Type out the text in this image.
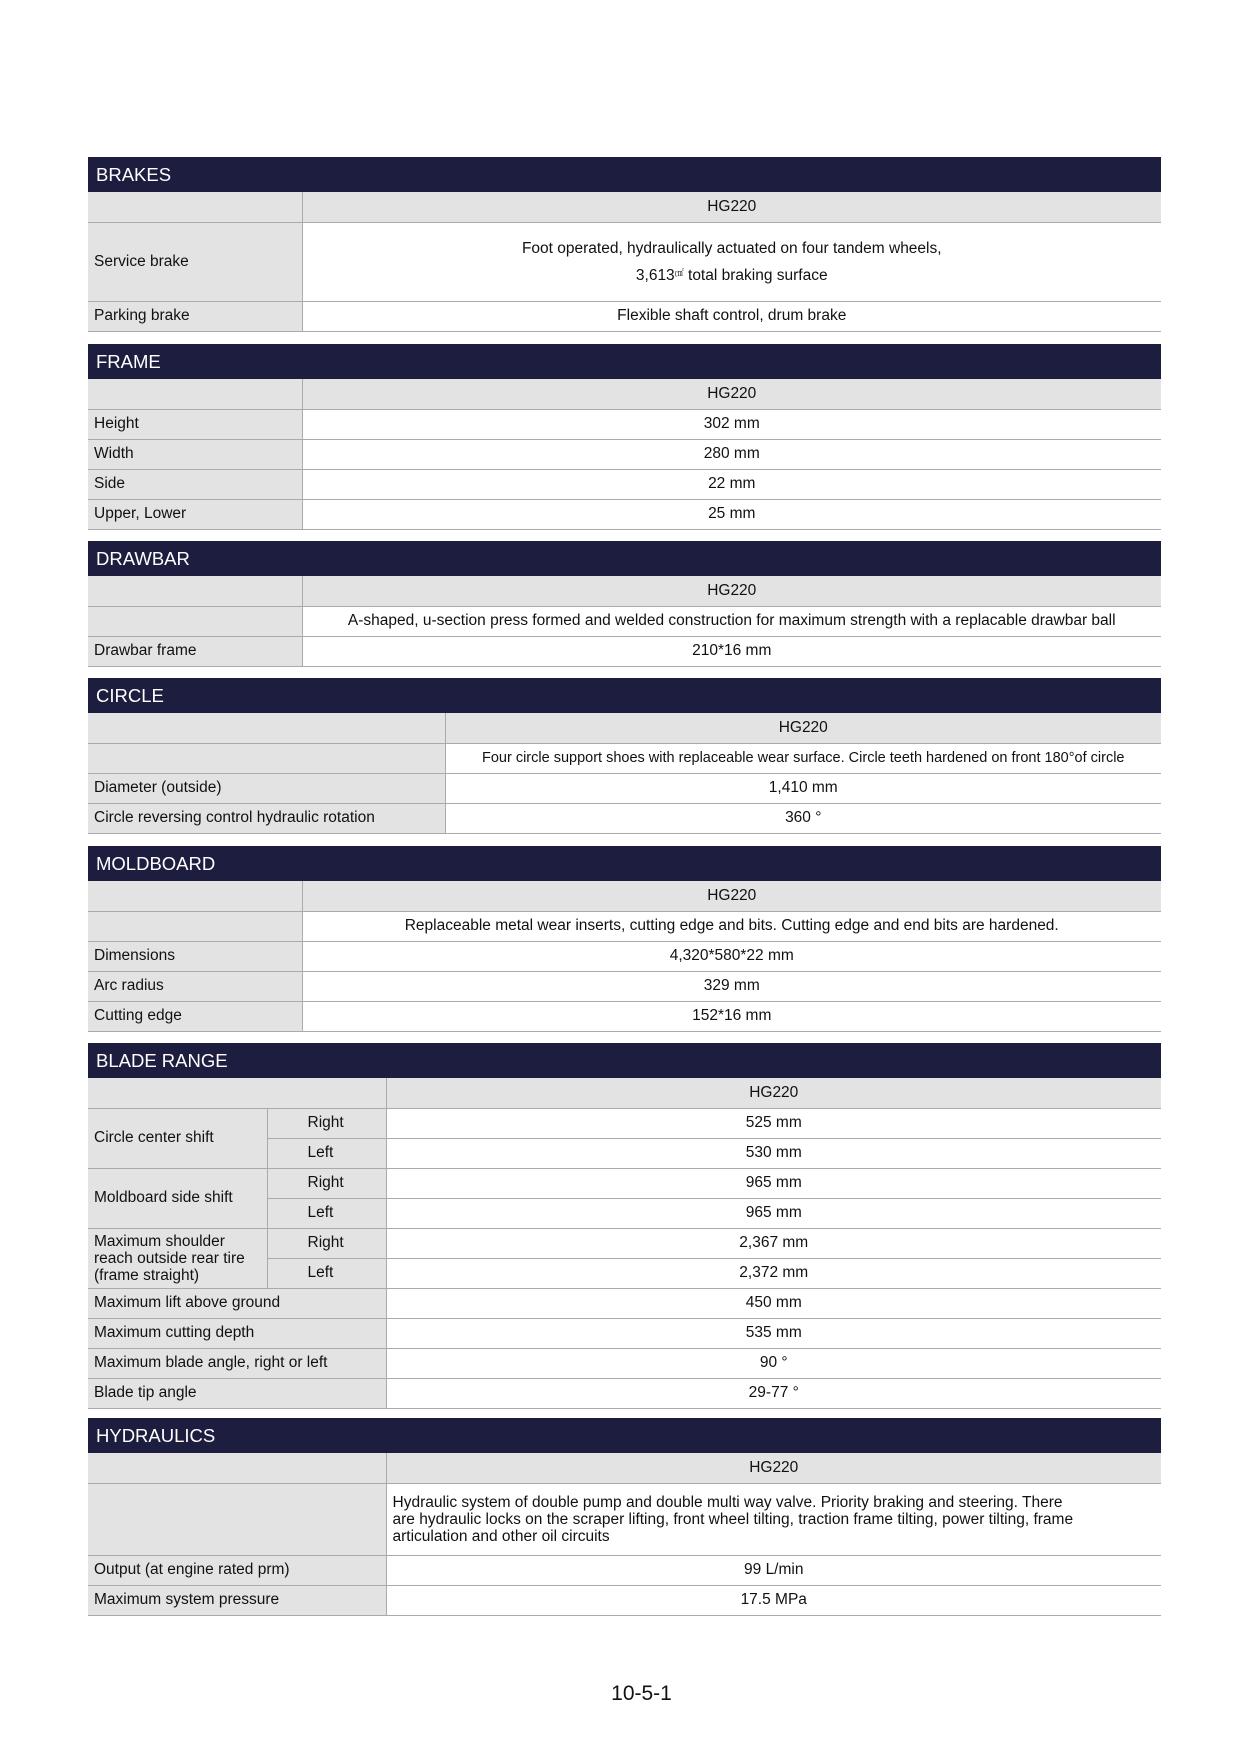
BRAKES
	HG220
Service brake	Foot operated, hydraulically actuated on four tandem wheels,
3,613㎠ total braking surface

Parking brake	Flexible shaft control, drum brake
FRAME
	HG220
Height	302 mm
Width	280 mm
Side	22 mm
Upper, Lower	25 mm
DRAWBAR
	HG220
	A-shaped, u-section press formed and welded construction for maximum strength with a replacable drawbar ball
Drawbar frame	210*16 mm
CIRCLE
	HG220
	Four circle support shoes with replaceable wear surface. Circle teeth hardened on front 180°of circle
Diameter (outside)	1,410 mm
Circle reversing control hydraulic rotation	360 °
MOLDBOARD
	HG220
	Replaceable metal wear inserts, cutting edge and bits. Cutting edge and end bits are hardened.
Dimensions	4,320*580*22 mm
Arc radius	329 mm
Cutting edge	152*16 mm
BLADE RANGE
		HG220
Circle center shift	Right	525 mm
	Left	530 mm
Moldboard side shift	Right	965 mm
	Left	965 mm

Maximum shoulder
reach outside rear tire
(frame straight)	Right	2,367 mm
	Left	2,372 mm
Maximum lift above ground		450 mm
Maximum cutting depth		535 mm
Maximum blade angle, right or left		90 °
Blade tip angle		29-77 °
HYDRAULICS
	HG220

	Hydraulic system of double pump and double multi way valve. Priority braking and steering. There
are hydraulic locks on the scraper lifting, front wheel tilting, traction frame tilting, power tilting, frame
articulation and other oil circuits

Output (at engine rated prm)	99 L/min
Maximum system pressure	17.5 MPa
10-5-1
